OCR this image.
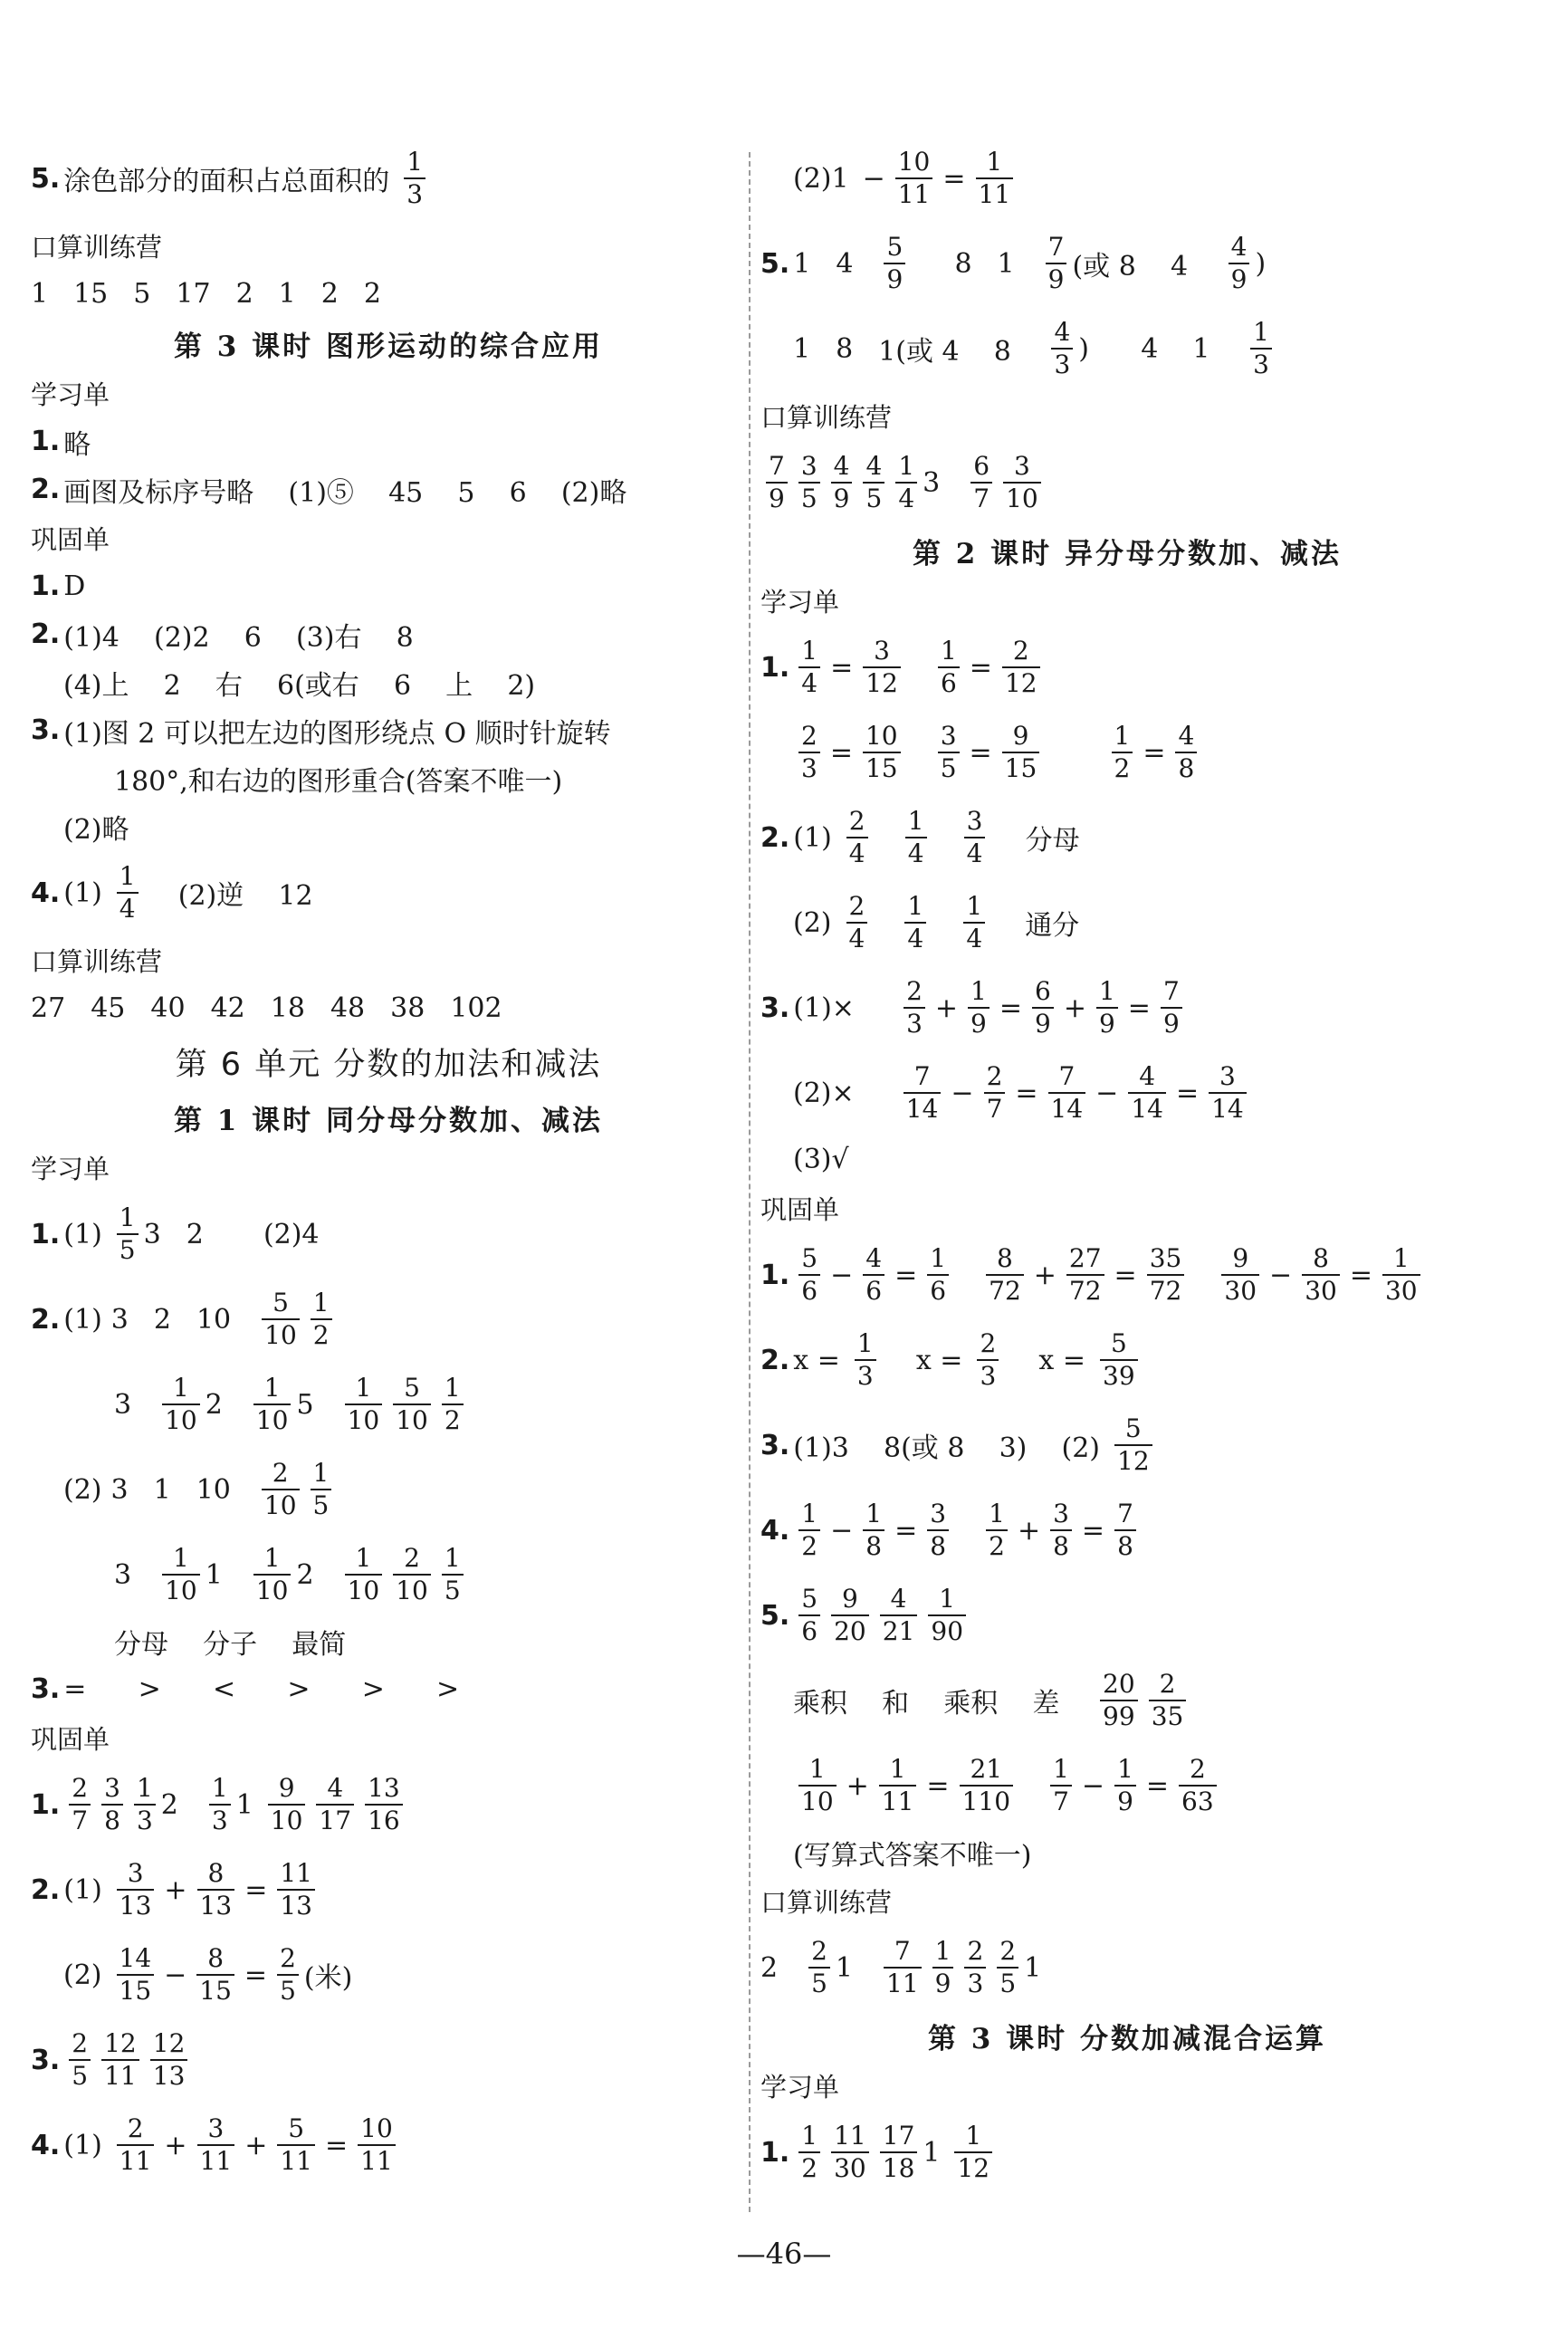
5. 涂色部分的面积占总面积的 $\frac{1}{3}$
口算训练营
1 15 5 17 2 1 2 2
第 3 课时 图形运动的综合应用
学习单
1. 略
2. 画图及标序号略    (1)⑤    45    5    6    (2)略
巩固单
1. D
2. (1)4    (2)2    6    (3)右    8
(4)上    2    右    6(或右    6    上    2)
3. (1)图 2 可以把左边的图形绕点 O 顺时针旋转
180°,和右边的图形重合(答案不唯一)
(2)略
4. $(1) \frac{1}{4} (2)$逆    12
口算训练营
27 45 40 42 18 48 38 102
第 6 单元 分数的加法和减法
第 1 课时 同分母分数加、减法
学习单
1. $(1) \frac{1}{5} 3$ 2 (2)4
2. (1) 3 2 $10 \frac{5}{10} \frac{1}{2}$
$3 \frac{1}{10} 2 \frac{1}{10} 5 \frac{1}{10} \frac{5}{10} \frac{1}{2}$
(2) 3 1 $10 \frac{2}{10} \frac{1}{5}$
$3 \frac{1}{10} 1 \frac{1}{10} 2 \frac{1}{10} \frac{2}{10} \frac{1}{5}$
分母    分子    最简
3. =      >      <      >      >      >
巩固单
1. $\frac{2}{7} \frac{3}{8} \frac{1}{3} 2 \frac{1}{3} 1 \frac{9}{10} \frac{4}{17} \frac{13}{16}$
2. $(1) \frac{3}{13} + \frac{8}{13} = \frac{11}{13}$
$(2) \frac{14}{15} - \frac{8}{15} = \frac{2}{5}$ (米)
3. $\frac{2}{5} \frac{12}{11} \frac{12}{13}$
4. $(1) \frac{2}{11} + \frac{3}{11} + \frac{5}{11} = \frac{10}{11}$
$(2)1 - \frac{10}{11} = \frac{1}{11}$
5. 1 $4 \frac{5}{9}$
8 $1 \frac{7}{9}$ (或 8    $4 \frac{4}{9}$ )
1 8 1(或 4    $8 \frac{4}{3}$ )      4    $1 \frac{1}{3}$
口算训练营
$\frac{7}{9} \frac{3}{5} \frac{4}{9} \frac{4}{5} \frac{1}{4} 3 \frac{6}{7} \frac{3}{10}$
第 2 课时 异分母分数加、减法
学习单
1. $\frac{1}{4} = \frac{3}{12}$
$\frac{1}{6} = \frac{2}{12}$
$\frac{2}{3} = \frac{10}{15}$
$\frac{3}{5} = \frac{9}{15}$
	$\frac{1}{2} = \frac{4}{8}$
2. $(1) \frac{2}{4}$
$\frac{1}{4}$
$\frac{3}{4}$ 分母
$(2) \frac{2}{4}$
$\frac{1}{4}$
$\frac{1}{4}$ 通分
3. $(1)\times \frac{2}{3} + \frac{1}{9} = \frac{6}{9} + \frac{1}{9} = \frac{7}{9}$
$(2)\times \frac{7}{14} - \frac{2}{7} = \frac{7}{14} - \frac{4}{14} = \frac{3}{14}$
(3)√
巩固单
1. $\frac{5}{6} - \frac{4}{6} = \frac{1}{6}$
$\frac{8}{72} + \frac{27}{72} = \frac{35}{72}$
$\frac{9}{30} - \frac{8}{30} = \frac{1}{30}$
2. $x = \frac{1}{3}$ $x = \frac{2}{3}$ $x = \frac{5}{39}$
3. (1)3    8(或 8    3)    $(2) \frac{5}{12}$
4. $\frac{1}{2} - \frac{1}{8} = \frac{3}{8}$
$\frac{1}{2} + \frac{3}{8} = \frac{7}{8}$
5. $\frac{5}{6} \frac{9}{20} \frac{4}{21} \frac{1}{90}$
乘积    和    乘积    差 $\frac{20}{99} \frac{2}{35}$
$\frac{1}{10} + \frac{1}{11} = \frac{21}{110}$
$\frac{1}{7} - \frac{1}{9} = \frac{2}{63}$
(写算式答案不唯一)
口算训练营
$2 \frac{2}{5} 1 \frac{7}{11} \frac{1}{9} \frac{2}{3} \frac{2}{5} 1$
第 3 课时 分数加减混合运算
学习单
1. $\frac{1}{2} \frac{11}{30} \frac{17}{18} 1 \frac{1}{12}$
—46—
